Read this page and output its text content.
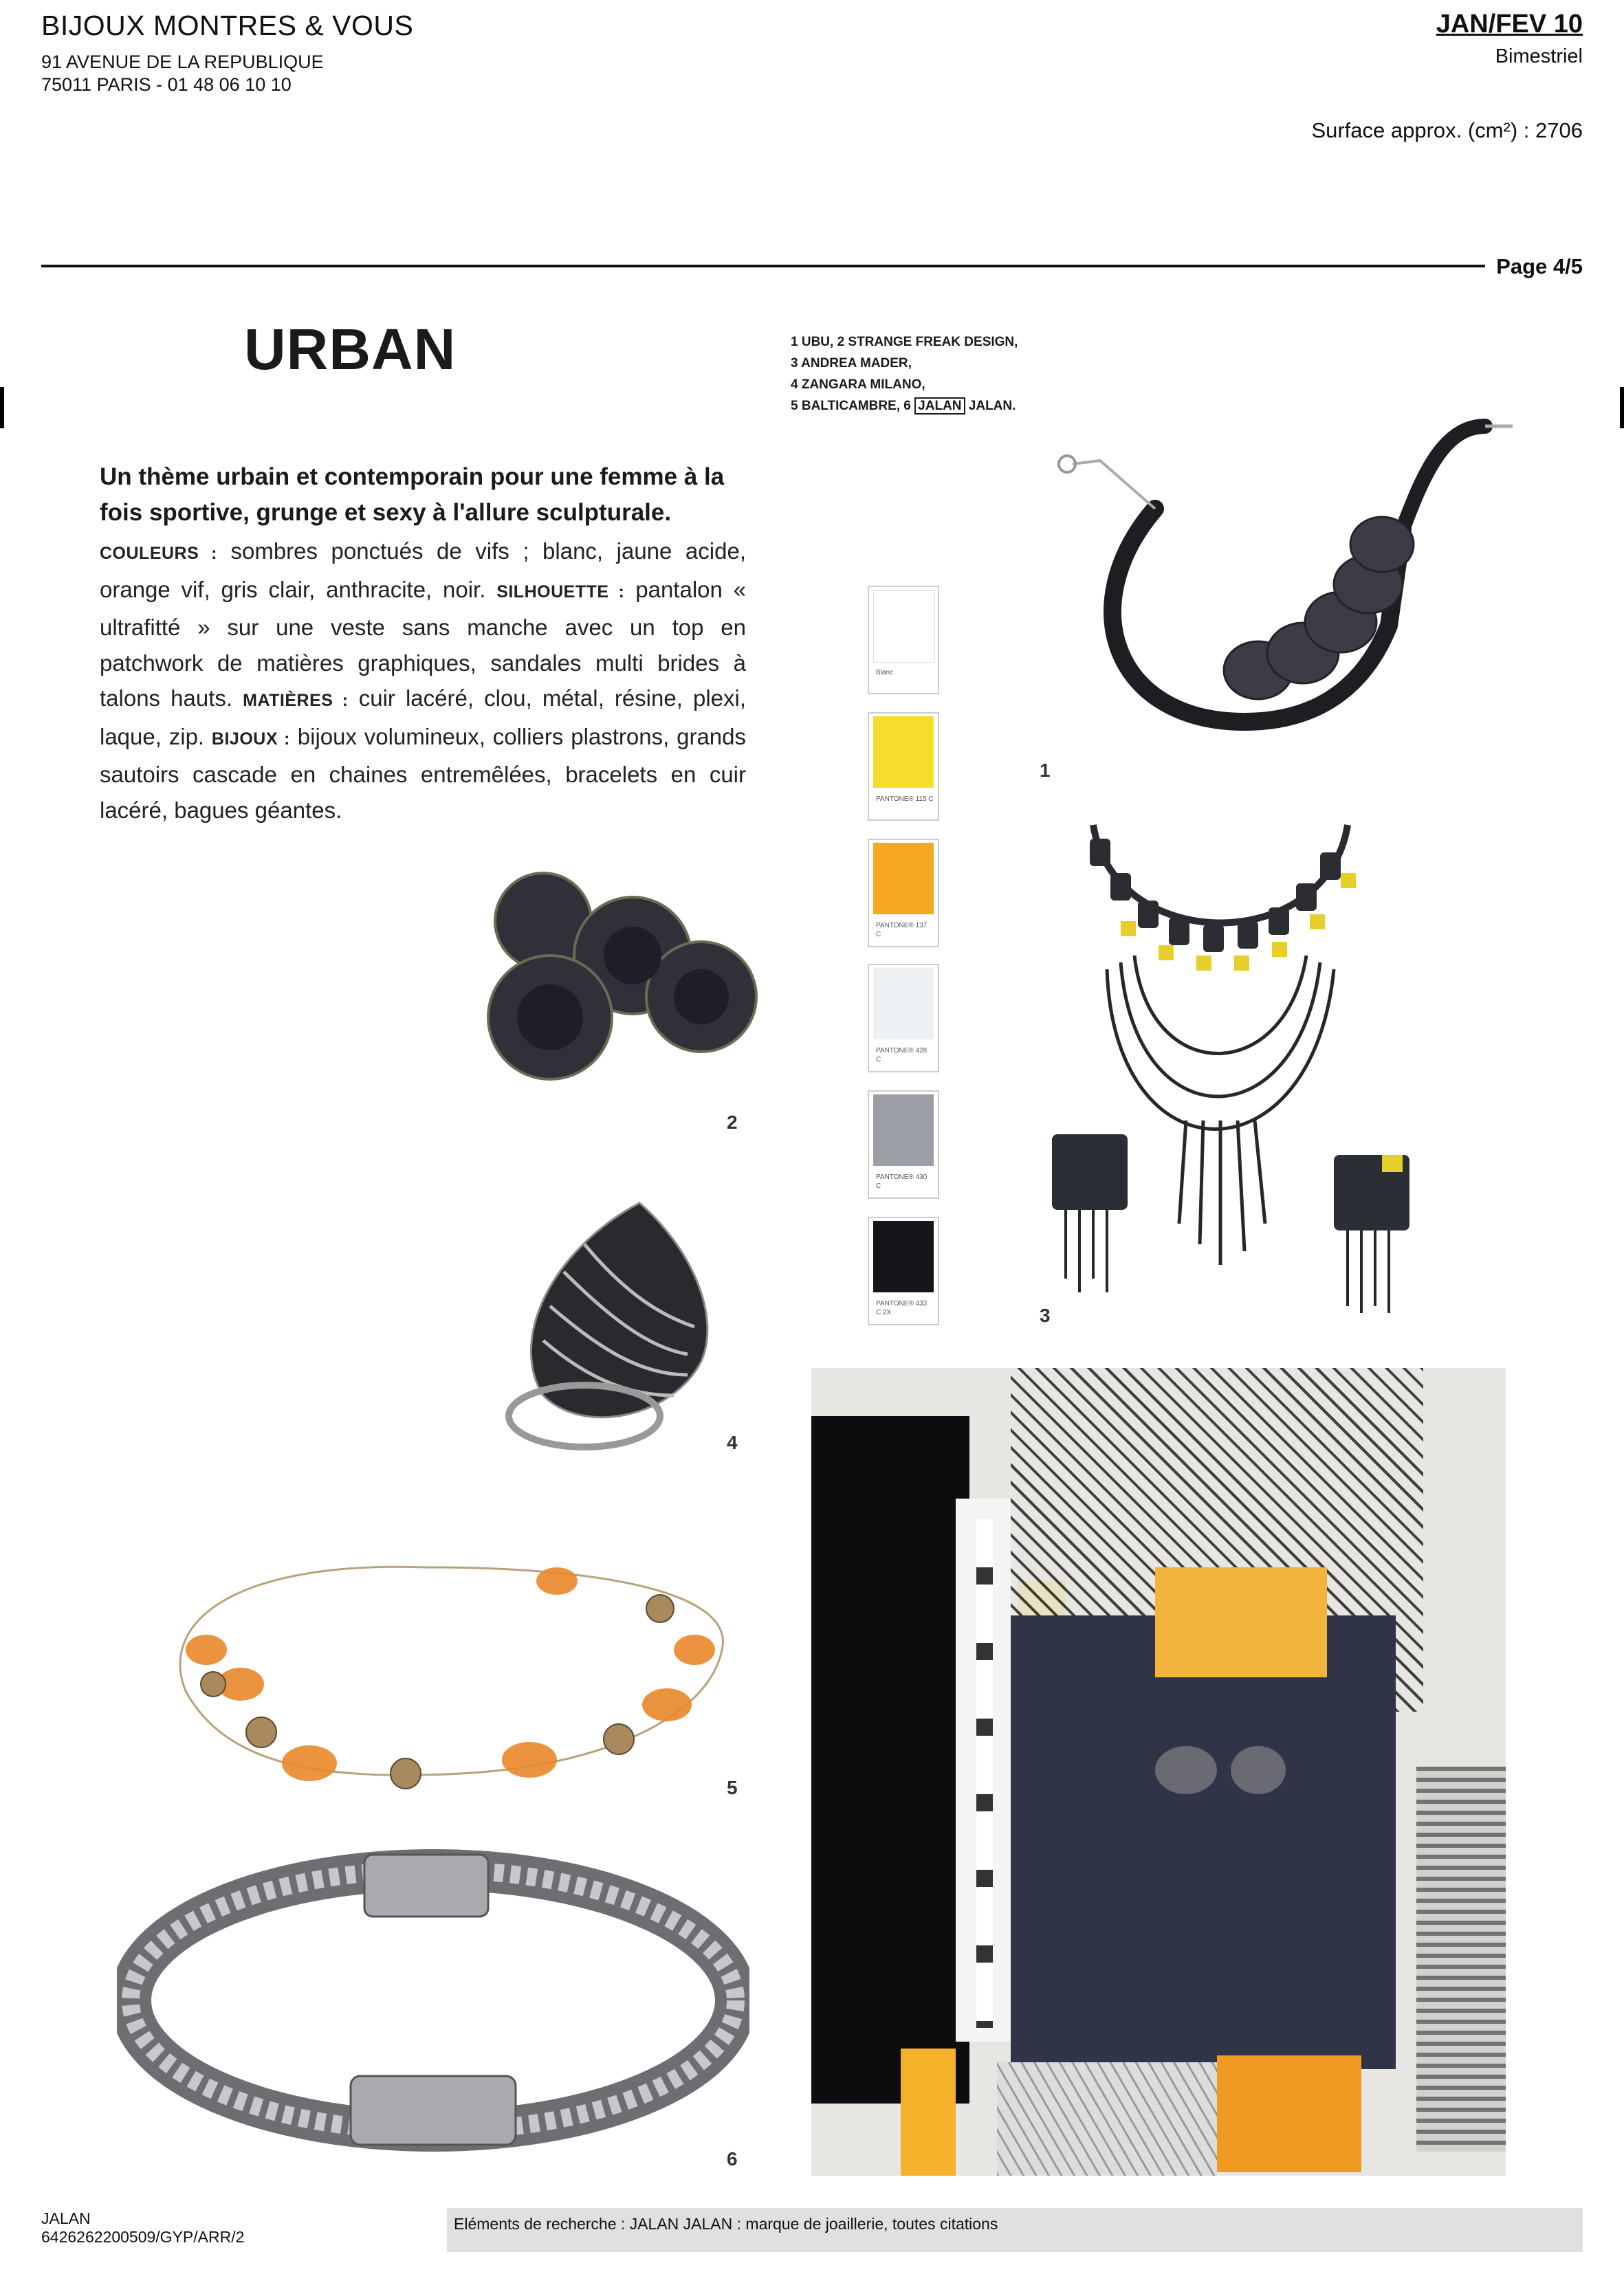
BIJOUX MONTRES & VOUS
91 AVENUE DE LA REPUBLIQUE
75011 PARIS - 01 48 06 10 10
JAN/FEV 10
Bimestriel
Surface approx. (cm²) : 2706
Page 4/5
URBAN
Un thème urbain et contemporain pour une femme à la fois sportive, grunge et sexy à l'allure sculpturale.
COULEURS : sombres ponctués de vifs ; blanc, jaune acide, orange vif, gris clair, anthracite, noir. SILHOUETTE : pantalon « ultrafitté » sur une veste sans manche avec un top en patchwork de matières graphiques, sandales multi brides à talons hauts. MATIÈRES : cuir lacéré, clou, métal, résine, plexi, laque, zip. BIJOUX : bijoux volumineux, colliers plastrons, grands sautoirs cascade en chaines entremêlées, bracelets en cuir lacéré, bagues géantes.
1 UBU, 2 STRANGE FREAK DESIGN,
3 ANDREA MADER,
4 ZANGARA MILANO,
5 BALTICAMBRE, 6 JALAN JALAN.
Blanc
PANTONE® 115 C
PANTONE® 137 C
PANTONE® 428 C
PANTONE® 430 C
PANTONE® 433 C 2X
1
2
3
4
5
6
JALAN
6426262200509/GYP/ARR/2
Eléments de recherche : JALAN JALAN : marque de joaillerie, toutes citations
